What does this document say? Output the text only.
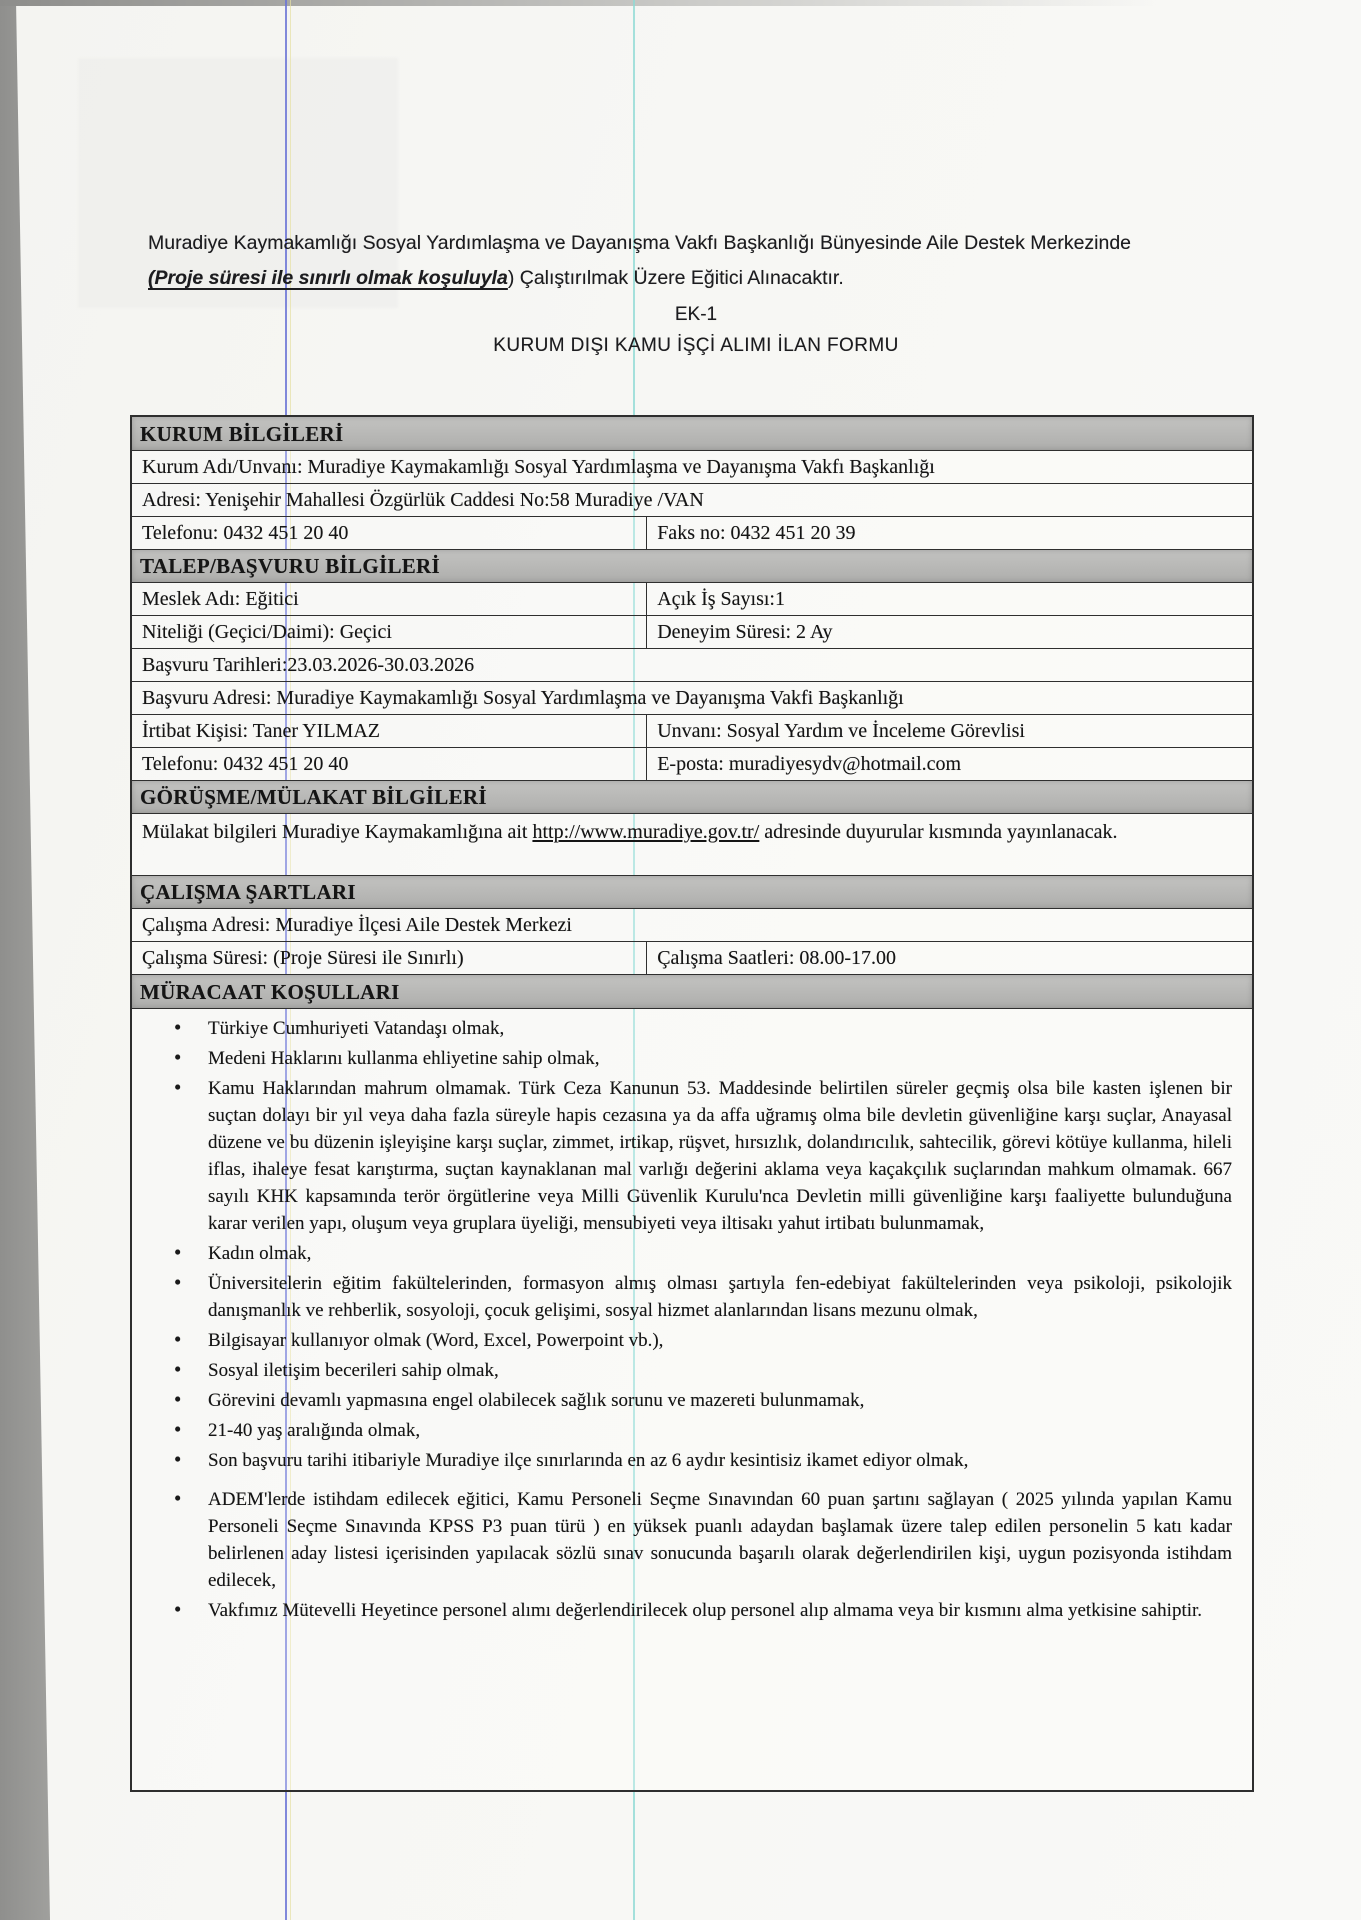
Muradiye Kaymakamlığı Sosyal Yardımlaşma ve Dayanışma Vakfı Başkanlığı Bünyesinde Aile Destek Merkezinde
(Proje süresi ile sınırlı olmak koşuluyla) Çalıştırılmak Üzere Eğitici Alınacaktır.
EK-1
KURUM DIŞI KAMU İŞÇİ ALIMI İLAN FORMU
KURUM BİLGİLERİ
Kurum Adı/Unvanı: Muradiye Kaymakamlığı Sosyal Yardımlaşma ve Dayanışma Vakfı Başkanlığı
Adresi: Yenişehir Mahallesi Özgürlük Caddesi No:58 Muradiye /VAN
Telefonu: 0432 451 20 40	Faks no: 0432 451 20 39
TALEP/BAŞVURU BİLGİLERİ
Meslek Adı: Eğitici	Açık İş Sayısı:1
Niteliği (Geçici/Daimi): Geçici	Deneyim Süresi: 2 Ay
Başvuru Tarihleri:23.03.2026-30.03.2026
Başvuru Adresi: Muradiye Kaymakamlığı Sosyal Yardımlaşma ve Dayanışma Vakfi Başkanlığı
İrtibat Kişisi: Taner YILMAZ	Unvanı: Sosyal Yardım ve İnceleme Görevlisi
Telefonu: 0432 451 20 40	E-posta: muradiyesydv@hotmail.com
GÖRÜŞME/MÜLAKAT BİLGİLERİ
Mülakat bilgileri Muradiye Kaymakamlığına ait http://www.muradiye.gov.tr/ adresinde duyurular kısmında yayınlanacak.
ÇALIŞMA ŞARTLARI
Çalışma Adresi: Muradiye İlçesi Aile Destek Merkezi
Çalışma Süresi: (Proje Süresi ile Sınırlı)	Çalışma Saatleri: 08.00-17.00
MÜRACAAT KOŞULLARI
• Türkiye Cumhuriyeti Vatandaşı olmak,
• Medeni Haklarını kullanma ehliyetine sahip olmak,
• Kamu Haklarından mahrum olmamak. Türk Ceza Kanunun 53. Maddesinde belirtilen süreler geçmiş olsa bile kasten işlenen bir suçtan dolayı bir yıl veya daha fazla süreyle hapis cezasına ya da affa uğramış olma bile devletin güvenliğine karşı suçlar, Anayasal düzene ve bu düzenin işleyişine karşı suçlar, zimmet, irtikap, rüşvet, hırsızlık, dolandırıcılık, sahtecilik, görevi kötüye kullanma, hileli iflas, ihaleye fesat karıştırma, suçtan kaynaklanan mal varlığı değerini aklama veya kaçakçılık suçlarından mahkum olmamak. 667 sayılı KHK kapsamında terör örgütlerine veya Milli Güvenlik Kurulu'nca Devletin milli güvenliğine karşı faaliyette bulunduğuna karar verilen yapı, oluşum veya gruplara üyeliği, mensubiyeti veya iltisakı yahut irtibatı bulunmamak,
• Kadın olmak,
• Üniversitelerin eğitim fakültelerinden, formasyon almış olması şartıyla fen-edebiyat fakültelerinden veya psikoloji, psikolojik danışmanlık ve rehberlik, sosyoloji, çocuk gelişimi, sosyal hizmet alanlarından lisans mezunu olmak,
• Bilgisayar kullanıyor olmak (Word, Excel, Powerpoint vb.),
• Sosyal iletişim becerileri sahip olmak,
• Görevini devamlı yapmasına engel olabilecek sağlık sorunu ve mazereti bulunmamak,
• 21-40 yaş aralığında olmak,
• Son başvuru tarihi itibariyle Muradiye ilçe sınırlarında en az 6 aydır kesintisiz ikamet ediyor olmak,
• ADEM'lerde istihdam edilecek eğitici, Kamu Personeli Seçme Sınavından 60 puan şartını sağlayan ( 2025 yılında yapılan Kamu Personeli Seçme Sınavında KPSS P3 puan türü ) en yüksek puanlı adaydan başlamak üzere talep edilen personelin 5 katı kadar belirlenen aday listesi içerisinden yapılacak sözlü sınav sonucunda başarılı olarak değerlendirilen kişi, uygun pozisyonda istihdam edilecek,
• Vakfımız Mütevelli Heyetince personel alımı değerlendirilecek olup personel alıp almama veya bir kısmını alma yetkisine sahiptir.
